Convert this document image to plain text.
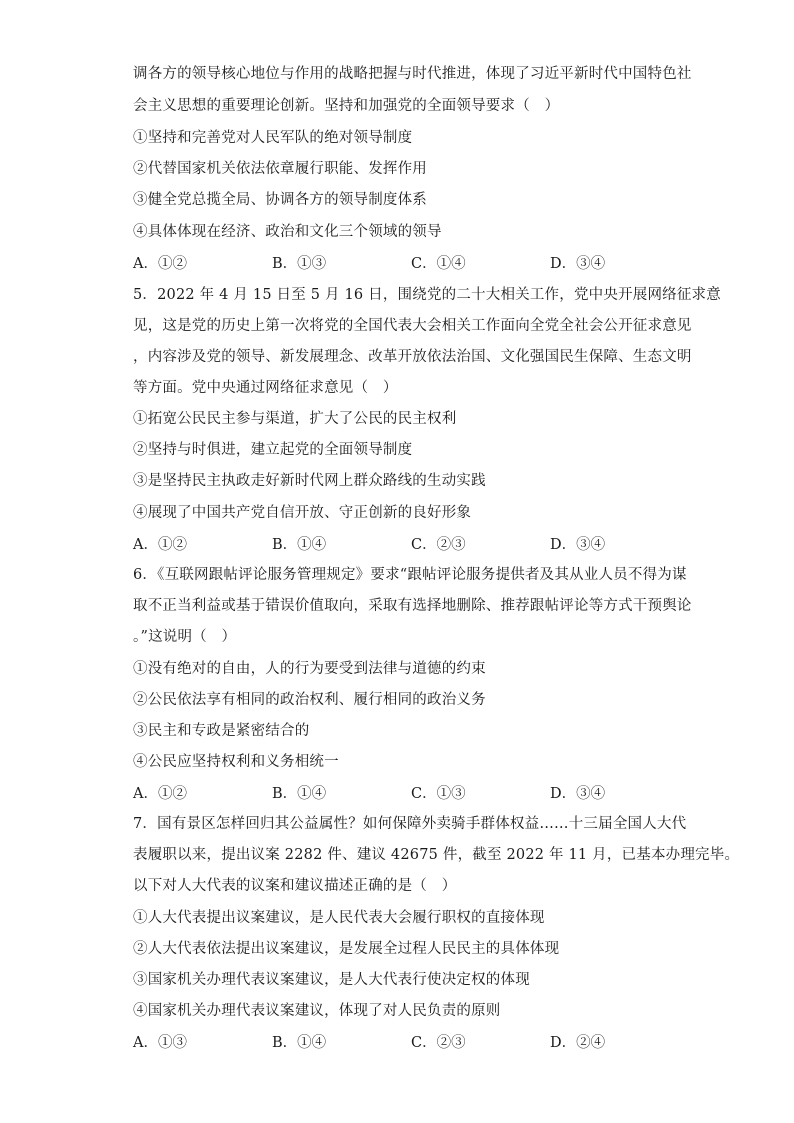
调各方的领导核心地位与作用的战略把握与时代推进，体现了习近平新时代中国特色社
会主义思想的重要理论创新。坚持和加强党的全面领导要求（　）
①坚持和完善党对人民军队的绝对领导制度
②代替国家机关依法依章履行职能、发挥作用
③健全党总揽全局、协调各方的领导制度体系
④具体体现在经济、政治和文化三个领域的领导
A．①②	B．①③	C．①④	D．③④
5．2022 年 4 月 15 日至 5 月 16 日，围绕党的二十大相关工作，党中央开展网络征求意
见，这是党的历史上第一次将党的全国代表大会相关工作面向全党全社会公开征求意见
，内容涉及党的领导、新发展理念、改革开放依法治国、文化强国民生保障、生态文明
等方面。党中央通过网络征求意见（　）
①拓宽公民民主参与渠道，扩大了公民的民主权利
②坚持与时俱进，建立起党的全面领导制度
③是坚持民主执政走好新时代网上群众路线的生动实践
④展现了中国共产党自信开放、守正创新的良好形象
A．①②	B．①④	C．②③	D．③④
6．《互联网跟帖评论服务管理规定》要求“跟帖评论服务提供者及其从业人员不得为谋
取不正当利益或基于错误价值取向，采取有选择地删除、推荐跟帖评论等方式干预舆论
。”这说明（　）
①没有绝对的自由，人的行为要受到法律与道德的约束
②公民依法享有相同的政治权利、履行相同的政治义务
③民主和专政是紧密结合的
④公民应坚持权利和义务相统一
A．①②	B．①④	C．①③	D．③④
7．国有景区怎样回归其公益属性？如何保障外卖骑手群体权益……十三届全国人大代
表履职以来，提出议案 2282 件、建议 42675 件，截至 2022 年 11 月，已基本办理完毕。
以下对人大代表的议案和建议描述正确的是（　）
①人大代表提出议案建议，是人民代表大会履行职权的直接体现
②人大代表依法提出议案建议，是发展全过程人民民主的具体体现
③国家机关办理代表议案建议，是人大代表行使决定权的体现
④国家机关办理代表议案建议，体现了对人民负责的原则
A．①③	B．①④	C．②③	D．②④
